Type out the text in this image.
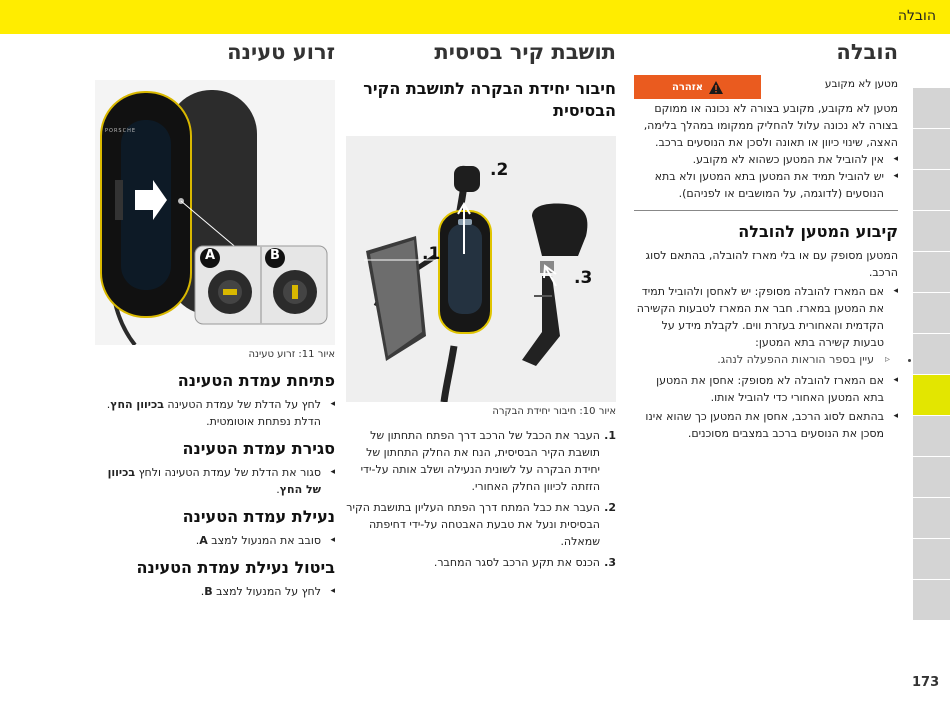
הובלה
173
הובלה
מטען לא מקובע
אזהרה

מטען לא מקובע, מקובע בצורה לא נכונה או ממוקם בצורה לא נכונה עלול להחליק ממקומו במהלך בלימה, האצה, שינוי כיוון או תאונה ולסכן את הנוסעים ברכב.

◂ אין להוביל את המטען כשהוא לא מקובע.
◂ יש להוביל תמיד את המטען בתא המטען ולא בתא הנוסעים (לדוגמה, על המושבים או לפניהם).
קיבוע המטען להובלה

המטען מסופק עם או בלי מארז להובלה, בהתאם לסוג הרכב.

◂ אם המארז להובלה מסופק: יש לאחסן ולהוביל תמיד את המטען במארז. חבר את המארז לטבעות הקשירה הקדמית והאחורית בעזרת ווים. לקבלת מידע על טבעות קשירה בתא המטען:
▹ • עיין בספר הוראות ההפעלה לנהג.
◂ אם המארז להובלה לא מסופק: אחסן את המטען בתא המטען האחורי כדי להוביל אותו.
◂ בהתאם לסוג הרכב, אחסן את המטען כך שהוא אינו מסכן את הנוסעים ברכב במצבים מסוכנים.
תושבת קיר בסיסית
חיבור יחידת הבקרה לתושבת הקיר הבסיסית
2.
1.
3.
איור 10: חיבור יחידת הבקרה
1.
העבר את הכבל של הרכב דרך הפתח התחתון של תושבת הקיר הבסיסית, הנח את החלק התחתון של יחידת הבקרה על לשונית הנעילה ושלב אותה על-ידי הזזתה לכיוון החלק האחורי.
2.
העבר את כבל המתח דרך הפתח העליון בתושבת הקיר הבסיסית ונעל את טבעת האבטחה על-ידי דחיפתה שמאלה.
3.
הכנס את תקע הרכב לסגר המחבר.
זרוע טעינה
PORSCHE
A	B
איור 11: זרוע טעינה
פתיחת עמדת הטעינה
◂ לחץ על הדלת של עמדת הטעינה בכיוון החץ. הדלת נפתחת אוטומטית.
סגירת עמדת הטעינה
◂ סגור את הדלת של עמדת הטעינה ולחץ בכיוון של החץ.
נעילת עמדת הטעינה
◂ סובב את המנעול למצב A.
ביטול נעילת עמדת הטעינה
◂ לחץ על המנעול למצב B.
